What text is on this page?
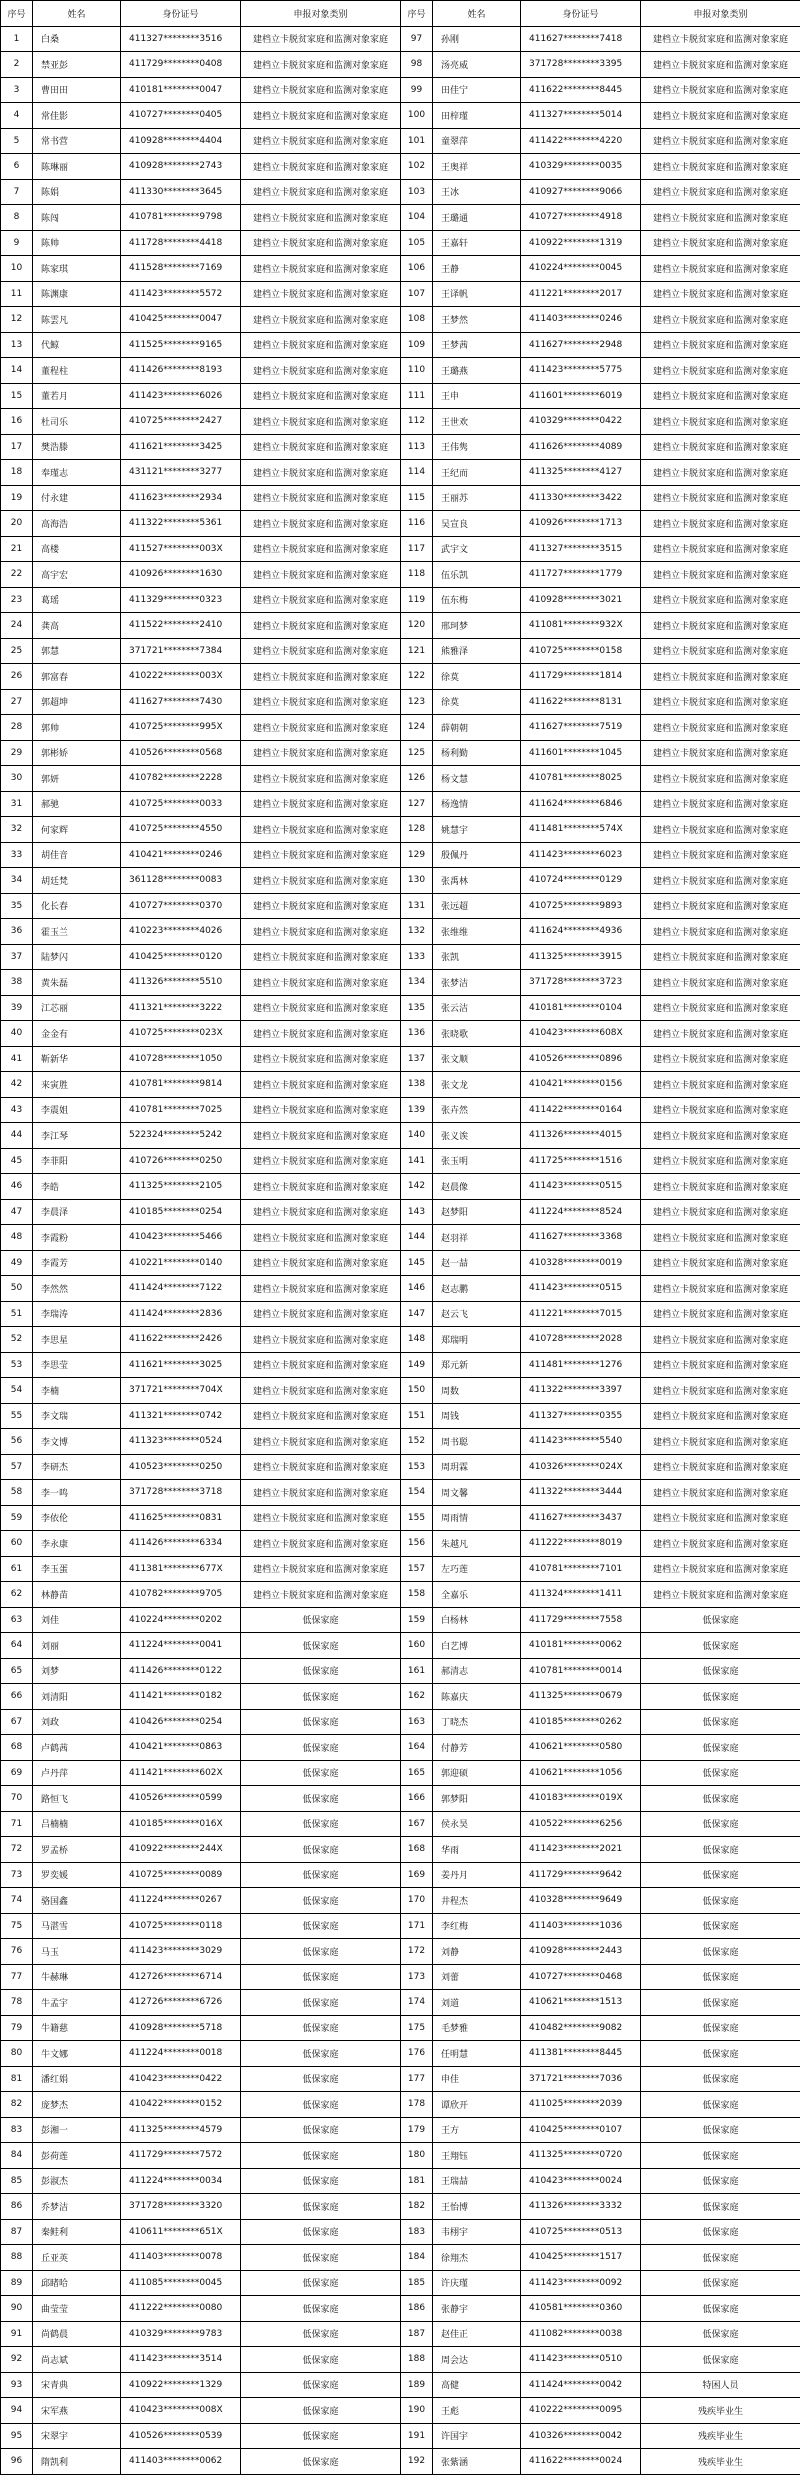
序号	姓名	身份证号	申报对象类别	序号	姓名	身份证号	申报对象类别
1	白桑	411327********3516	建档立卡脱贫家庭和监测对象家庭	97	孙刚	411627********7418	建档立卡脱贫家庭和监测对象家庭
2	禁亚彭	411729********0408	建档立卡脱贫家庭和监测对象家庭	98	汤亮威	371728********3395	建档立卡脱贫家庭和监测对象家庭
3	曹田田	410181********0047	建档立卡脱贫家庭和监测对象家庭	99	田佳宁	411622********8445	建档立卡脱贫家庭和监测对象家庭
4	常佳影	410727********0405	建档立卡脱贫家庭和监测对象家庭	100	田梓瑾	411327********5014	建档立卡脱贫家庭和监测对象家庭
5	常书营	410928********4404	建档立卡脱贫家庭和监测对象家庭	101	童翠萍	411422********4220	建档立卡脱贫家庭和监测对象家庭
6	陈琳丽	410928********2743	建档立卡脱贫家庭和监测对象家庭	102	王奥祥	410329********0035	建档立卡脱贫家庭和监测对象家庭
7	陈娟	411330********3645	建档立卡脱贫家庭和监测对象家庭	103	王冰	410927********9066	建档立卡脱贫家庭和监测对象家庭
8	陈闯	410781********9798	建档立卡脱贫家庭和监测对象家庭	104	王璐通	410727********4918	建档立卡脱贫家庭和监测对象家庭
9	陈帅	411728********4418	建档立卡脱贫家庭和监测对象家庭	105	王嘉轩	410922********1319	建档立卡脱贫家庭和监测对象家庭
10	陈家琪	411528********7169	建档立卡脱贫家庭和监测对象家庭	106	王静	410224********0045	建档立卡脱贫家庭和监测对象家庭
11	陈渊康	411423********5572	建档立卡脱贫家庭和监测对象家庭	107	王译帆	411221********2017	建档立卡脱贫家庭和监测对象家庭
12	陈雲凡	410425********0047	建档立卡脱贫家庭和监测对象家庭	108	王梦然	411403********0246	建档立卡脱贫家庭和监测对象家庭
13	代鲸	411525********9165	建档立卡脱贫家庭和监测对象家庭	109	王梦茜	411627********2948	建档立卡脱贫家庭和监测对象家庭
14	董程柱	411426********8193	建档立卡脱贫家庭和监测对象家庭	110	王璐燕	411423********5775	建档立卡脱贫家庭和监测对象家庭
15	董若月	411423********6026	建档立卡脱贫家庭和监测对象家庭	111	王申	411601********6019	建档立卡脱贫家庭和监测对象家庭
16	杜司乐	410725********2427	建档立卡脱贫家庭和监测对象家庭	112	王世欢	410329********0422	建档立卡脱贫家庭和监测对象家庭
17	樊浩滕	411621********3425	建档立卡脱贫家庭和监测对象家庭	113	王伟隽	411626********4089	建档立卡脱贫家庭和监测对象家庭
18	奉瑾志	431121********3277	建档立卡脱贫家庭和监测对象家庭	114	王纪而	411325********4127	建档立卡脱贫家庭和监测对象家庭
19	付永建	411623********2934	建档立卡脱贫家庭和监测对象家庭	115	王丽苏	411330********3422	建档立卡脱贫家庭和监测对象家庭
20	高海浩	411322********5361	建档立卡脱贫家庭和监测对象家庭	116	吴宣良	410926********1713	建档立卡脱贫家庭和监测对象家庭
21	高楼	411527********003X	建档立卡脱贫家庭和监测对象家庭	117	武宇文	411327********3515	建档立卡脱贫家庭和监测对象家庭
22	高宇宏	410926********1630	建档立卡脱贫家庭和监测对象家庭	118	伍乐凯	411727********1779	建档立卡脱贫家庭和监测对象家庭
23	葛瑶	411329********0323	建档立卡脱贫家庭和监测对象家庭	119	伍东梅	410928********3021	建档立卡脱贫家庭和监测对象家庭
24	龚高	411522********2410	建档立卡脱贫家庭和监测对象家庭	120	邢珂梦	411081********932X	建档立卡脱贫家庭和监测对象家庭
25	郭慧	371721********7384	建档立卡脱贫家庭和监测对象家庭	121	熊雅泽	410725********0158	建档立卡脱贫家庭和监测对象家庭
26	郭富春	410222********003X	建档立卡脱贫家庭和监测对象家庭	122	徐莫	411729********1814	建档立卡脱贫家庭和监测对象家庭
27	郭超坤	411627********7430	建档立卡脱贫家庭和监测对象家庭	123	徐莫	411622********8131	建档立卡脱贫家庭和监测对象家庭
28	郭帅	410725********995X	建档立卡脱贫家庭和监测对象家庭	124	薛朝朝	411627********7519	建档立卡脱贫家庭和监测对象家庭
29	郭彬娇	410526********0568	建档立卡脱贫家庭和监测对象家庭	125	杨利勤	411601********1045	建档立卡脱贫家庭和监测对象家庭
30	郭妍	410782********2228	建档立卡脱贫家庭和监测对象家庭	126	杨文慧	410781********8025	建档立卡脱贫家庭和监测对象家庭
31	郝驰	410725********0033	建档立卡脱贫家庭和监测对象家庭	127	杨逸情	411624********6846	建档立卡脱贫家庭和监测对象家庭
32	何家辉	410725********4550	建档立卡脱贫家庭和监测对象家庭	128	姚慧宇	411481********574X	建档立卡脱贫家庭和监测对象家庭
33	胡佳音	410421********0246	建档立卡脱贫家庭和监测对象家庭	129	殷佩丹	411423********6023	建档立卡脱贫家庭和监测对象家庭
34	胡廷梵	361128********0083	建档立卡脱贫家庭和监测对象家庭	130	张禹林	410724********0129	建档立卡脱贫家庭和监测对象家庭
35	化长春	410727********0370	建档立卡脱贫家庭和监测对象家庭	131	张远超	410725********9893	建档立卡脱贫家庭和监测对象家庭
36	霍玉兰	410223********4026	建档立卡脱贫家庭和监测对象家庭	132	张维维	411624********4936	建档立卡脱贫家庭和监测对象家庭
37	陆梦闪	410425********0120	建档立卡脱贫家庭和监测对象家庭	133	张凯	411325********3915	建档立卡脱贫家庭和监测对象家庭
38	黄朱磊	411326********5510	建档立卡脱贫家庭和监测对象家庭	134	张梦洁	371728********3723	建档立卡脱贫家庭和监测对象家庭
39	江芯丽	411321********3222	建档立卡脱贫家庭和监测对象家庭	135	张云洁	410181********0104	建档立卡脱贫家庭和监测对象家庭
40	金金有	410725********023X	建档立卡脱贫家庭和监测对象家庭	136	张晓歌	410423********608X	建档立卡脱贫家庭和监测对象家庭
41	靳新华	410728********1050	建档立卡脱贫家庭和监测对象家庭	137	张文顺	410526********0896	建档立卡脱贫家庭和监测对象家庭
42	来寅胜	410781********9814	建档立卡脱贫家庭和监测对象家庭	138	张文龙	410421********0156	建档立卡脱贫家庭和监测对象家庭
43	李震姐	410781********7025	建档立卡脱贫家庭和监测对象家庭	139	张卉然	411422********0164	建档立卡脱贫家庭和监测对象家庭
44	李江琴	522324********5242	建档立卡脱贫家庭和监测对象家庭	140	张义诶	411326********4015	建档立卡脱贫家庭和监测对象家庭
45	李菲阳	410726********0250	建档立卡脱贫家庭和监测对象家庭	141	张玉明	411725********1516	建档立卡脱贫家庭和监测对象家庭
46	李皓	411325********2105	建档立卡脱贫家庭和监测对象家庭	142	赵晨像	411423********0515	建档立卡脱贫家庭和监测对象家庭
47	李晨泽	410185********0254	建档立卡脱贫家庭和监测对象家庭	143	赵梦阳	411224********8524	建档立卡脱贫家庭和监测对象家庭
48	李霞粉	410423********5466	建档立卡脱贫家庭和监测对象家庭	144	赵羽祥	411627********3368	建档立卡脱贫家庭和监测对象家庭
49	李霞芳	410221********0140	建档立卡脱贫家庭和监测对象家庭	145	赵一喆	410328********0019	建档立卡脱贫家庭和监测对象家庭
50	李然然	411424********7122	建档立卡脱贫家庭和监测对象家庭	146	赵志鹏	411423********0515	建档立卡脱贫家庭和监测对象家庭
51	李瑞涛	411424********2836	建档立卡脱贫家庭和监测对象家庭	147	赵云飞	411221********7015	建档立卡脱贫家庭和监测对象家庭
52	李思星	411622********2426	建档立卡脱贫家庭和监测对象家庭	148	郑瑞明	410728********2028	建档立卡脱贫家庭和监测对象家庭
53	李思莹	411621********3025	建档立卡脱贫家庭和监测对象家庭	149	郑元新	411481********1276	建档立卡脱贫家庭和监测对象家庭
54	李楠	371721********704X	建档立卡脱贫家庭和监测对象家庭	150	周数	411322********3397	建档立卡脱贫家庭和监测对象家庭
55	李文瑞	411321********0742	建档立卡脱贫家庭和监测对象家庭	151	周钱	411327********0355	建档立卡脱贫家庭和监测对象家庭
56	李文博	411323********0524	建档立卡脱贫家庭和监测对象家庭	152	周书聪	411423********5540	建档立卡脱贫家庭和监测对象家庭
57	李研杰	410523********0250	建档立卡脱贫家庭和监测对象家庭	153	周玥霖	410326********024X	建档立卡脱贫家庭和监测对象家庭
58	李一鸣	371728********3718	建档立卡脱贫家庭和监测对象家庭	154	周文馨	411322********3444	建档立卡脱贫家庭和监测对象家庭
59	李依伦	411625********0831	建档立卡脱贫家庭和监测对象家庭	155	周雨情	411627********3437	建档立卡脱贫家庭和监测对象家庭
60	李永康	411426********6334	建档立卡脱贫家庭和监测对象家庭	156	朱越凡	411222********8019	建档立卡脱贫家庭和监测对象家庭
61	李玉蛋	411381********677X	建档立卡脱贫家庭和监测对象家庭	157	左巧莲	410781********7101	建档立卡脱贫家庭和监测对象家庭
62	林静苗	410782********9705	建档立卡脱贫家庭和监测对象家庭	158	全嘉乐	411324********1411	建档立卡脱贫家庭和监测对象家庭
63	刘佳	410224********0202	低保家庭	159	白杨林	411729********7558	低保家庭
64	刘丽	411224********0041	低保家庭	160	白艺博	410181********0062	低保家庭
65	刘梦	411426********0122	低保家庭	161	郝清志	410781********0014	低保家庭
66	刘清阳	411421********0182	低保家庭	162	陈嘉庆	411325********0679	低保家庭
67	刘政	410426********0254	低保家庭	163	丁晓杰	410185********0262	低保家庭
68	卢鹤茜	410421********0863	低保家庭	164	付静芳	410621********0580	低保家庭
69	卢丹萍	411421********602X	低保家庭	165	郭迎硕	410621********1056	低保家庭
70	路恒飞	410526********0599	低保家庭	166	郭梦阳	410183********019X	低保家庭
71	吕楠楠	410185********016X	低保家庭	167	侯永昊	410522********6256	低保家庭
72	罗孟桥	410922********244X	低保家庭	168	华雨	411423********2021	低保家庭
73	罗奕媛	410725********0089	低保家庭	169	姜丹月	411729********9642	低保家庭
74	骆国鑫	411224********0267	低保家庭	170	井程杰	410328********9649	低保家庭
75	马湛雪	410725********0118	低保家庭	171	李红梅	411403********1036	低保家庭
76	马玉	411423********3029	低保家庭	172	刘静	410928********2443	低保家庭
77	牛赫琳	412726********6714	低保家庭	173	刘蕾	410727********0468	低保家庭
78	牛孟宇	412726********6726	低保家庭	174	刘道	410621********1513	低保家庭
79	牛籍慈	410928********5718	低保家庭	175	毛梦雅	410482********9082	低保家庭
80	牛文娜	411224********0018	低保家庭	176	任明慧	411381********8445	低保家庭
81	潘红娟	410423********0422	低保家庭	177	申佳	371721********7036	低保家庭
82	庞梦杰	410422********0152	低保家庭	178	谭欣开	411025********2039	低保家庭
83	彭湘一	411325********4579	低保家庭	179	王方	410425********0107	低保家庭
84	彭荷莲	411729********7572	低保家庭	180	王翔钰	411325********0720	低保家庭
85	彭淑杰	411224********0034	低保家庭	181	王瑞喆	410423********0024	低保家庭
86	乔梦洁	371728********3320	低保家庭	182	王怡博	411326********3332	低保家庭
87	秦鲑利	410611********651X	低保家庭	183	韦栩宇	410725********0513	低保家庭
88	丘亚英	411403********0078	低保家庭	184	徐翔杰	410425********1517	低保家庭
89	邱睹哈	411085********0045	低保家庭	185	许庆瑾	411423********0092	低保家庭
90	曲莹莹	411222********0080	低保家庭	186	张静宇	410581********0360	低保家庭
91	尚鹤晨	410329********9783	低保家庭	187	赵佳正	411082********0038	低保家庭
92	尚志斌	411423********3514	低保家庭	188	周会达	411423********0510	低保家庭
93	宋青典	410922********1329	低保家庭	189	高健	411424********0042	特困人员
94	宋军燕	410423********008X	低保家庭	190	王彪	410222********0095	残疾毕业生
95	宋翠宇	410526********0539	低保家庭	191	许国宇	410326********0042	残疾毕业生
96	隋凯利	411403********0062	低保家庭	192	张紫涵	411622********0024	残疾毕业生
